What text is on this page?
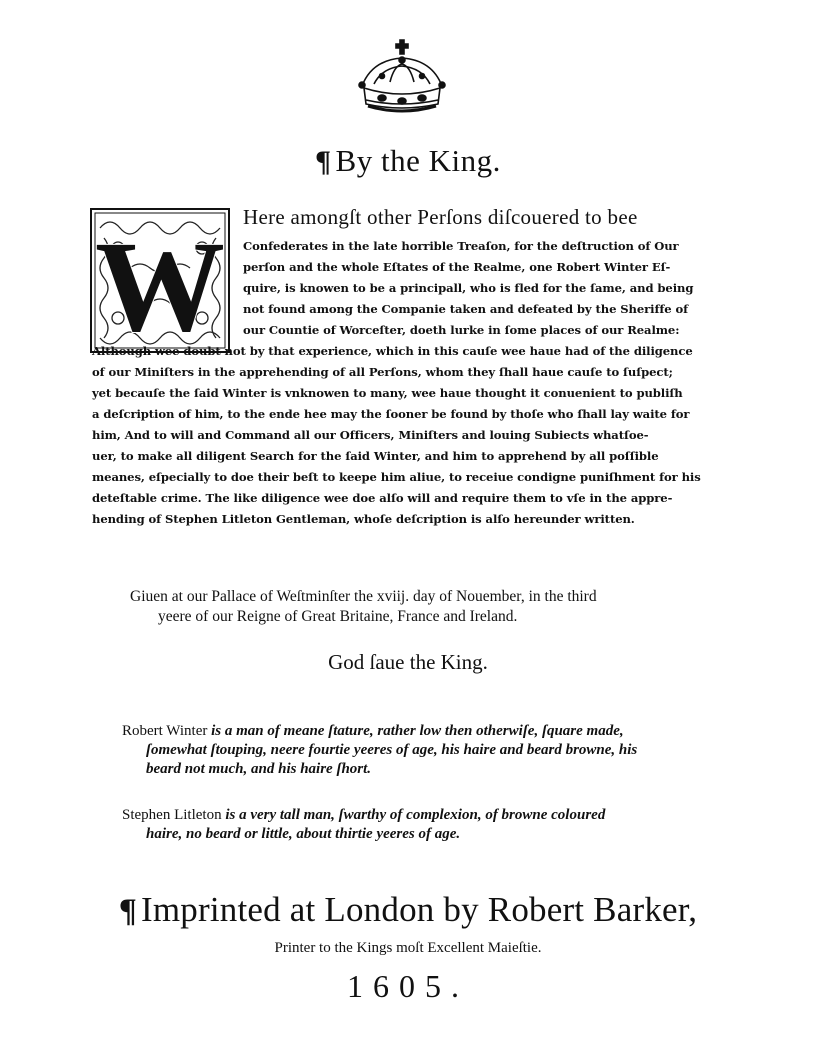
¶ By the King.
W Here amongſt other Perſons diſcouered to bee
Confederates in the late horrible Treaſon, for the deſtruction of Our
perſon and the whole Eſtates of the Realme, one Robert Winter Eſ-
quire, is knowen to be a principall, who is fled for the ſame, and being
not found among the Companie taken and defeated by the Sheriffe of
our Countie of Worceſter, doeth lurke in ſome places of our Realme:
Although wee doubt not by that experience, which in this cauſe wee haue had of the diligence
of our Miniſters in the apprehending of all Perſons, whom they ſhall haue cauſe to ſuſpect;
yet becauſe the ſaid Winter is vnknowen to many, wee haue thought it conuenient to publiſh
a deſcription of him, to the ende hee may the ſooner be found by thoſe who ſhall lay waite for
him, And to will and Command all our Officers, Miniſters and louing Subiects whatſoe-
uer, to make all diligent Search for the ſaid Winter, and him to apprehend by all poſſible
meanes, eſpecially to doe their beſt to keepe him aliue, to receiue condigne puniſhment for his
deteſtable crime. The like diligence wee doe alſo will and require them to vſe in the appre-
hending of Stephen Litleton Gentleman, whoſe deſcription is alſo hereunder written.
Giuen at our Pallace of Weſtminſter the xviij. day of Nouember, in the third
yeere of our Reigne of Great Britaine, France and Ireland.
God ſaue the King.
Robert Winter is a man of meane ſtature, rather low then otherwiſe, ſquare made,
ſomewhat ſtouping, neere fourtie yeeres of age, his haire and beard browne, his
beard not much, and his haire ſhort.
Stephen Litleton is a very tall man, ſwarthy of complexion, of browne coloured
haire, no beard or little, about thirtie yeeres of age.
¶ Imprinted at London by Robert Barker,
Printer to the Kings moſt Excellent Maieſtie.
1605.
